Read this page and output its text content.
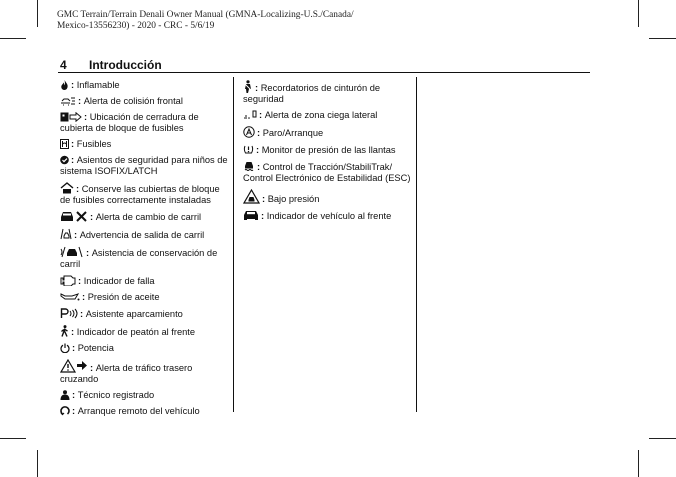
GMC Terrain/Terrain Denali Owner Manual (GMNA-Localizing-U.S./Canada/
Mexico-13556230) - 2020 - CRC - 5/6/19
4 Introducción
: Inflamable
: Alerta de colisión frontal
: Ubicación de cerradura de cubierta de bloque de fusibles
: Fusibles
: Asientos de seguridad para niños de sistema ISOFIX/LATCH
: Conserve las cubiertas de bloque de fusibles correctamente instaladas
: Alerta de cambio de carril
: Advertencia de salida de carril
: Asistencia de conservación de carril
: Indicador de falla
: Presión de aceite
: Asistente aparcamiento
: Indicador de peatón al frente
: Potencia
: Alerta de tráfico trasero cruzando
: Técnico registrado
: Arranque remoto del vehículo
: Recordatorios de cinturón de seguridad
: Alerta de zona ciega lateral
: Paro/Arranque
: Monitor de presión de las llantas
: Control de Tracción/StabiliTrak/ Control Electrónico de Estabilidad (ESC)
: Bajo presión
: Indicador de vehículo al frente
